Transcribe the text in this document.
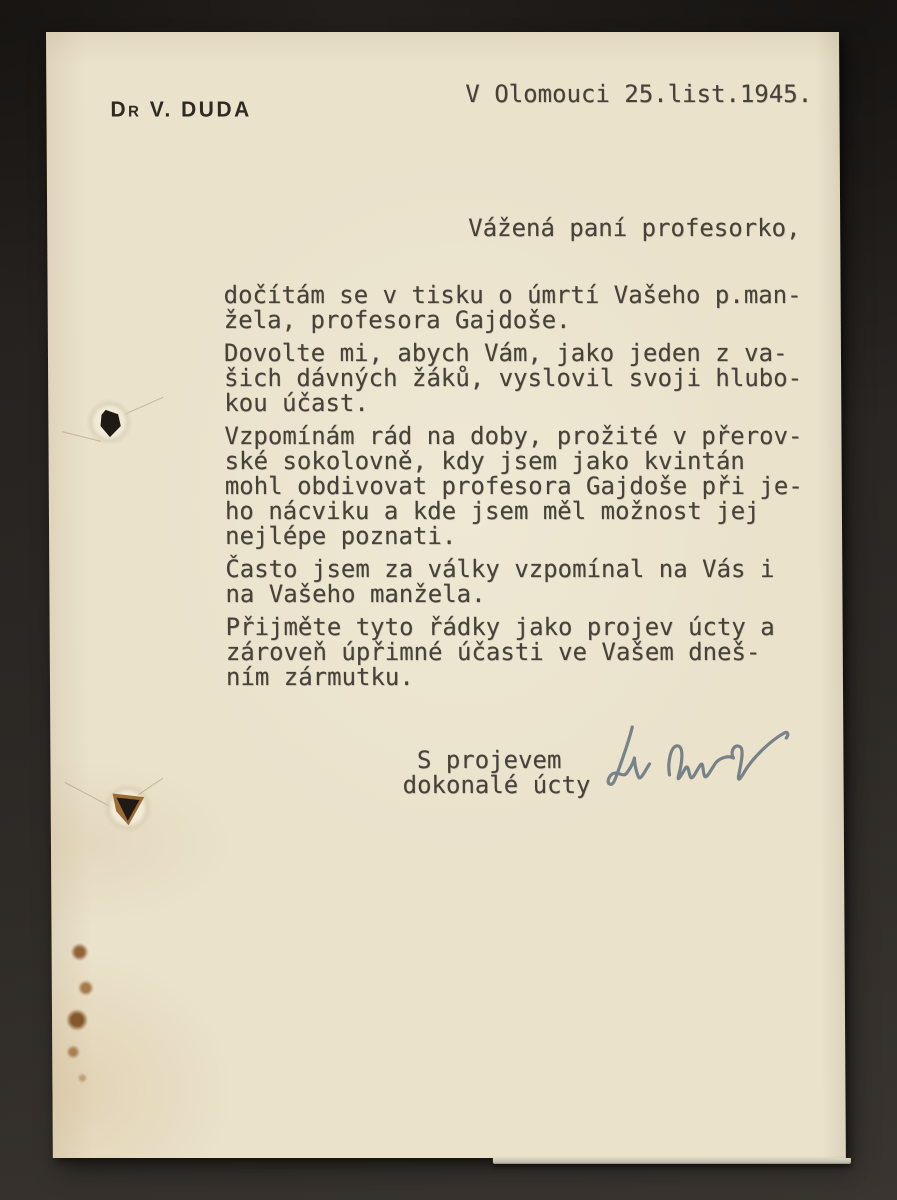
DR V. DUDA
V Olomouci 25.list.1945.
Vážená paní profesorko,

dočítám se v tisku o úmrtí Vašeho p.man-
žela, profesora Gajdoše.

Dovolte mi, abych Vám, jako jeden z va-
šich dávných žáků, vyslovil svoji hlubo-
kou účast.

Vzpomínám rád na doby, prožité v přerov-
ské sokolovně, kdy jsem jako kvintán
mohl obdivovat profesora Gajdoše při je-
ho nácviku a kde jsem měl možnost jej
nejlépe poznati.

Často jsem za války vzpomínal na Vás i
na Vašeho manžela.

Přijměte tyto řádky jako projev úcty a
zároveň úpřimné účasti ve Vašem dneš-
ním zármutku.

S projevem
dokonalé úcty
